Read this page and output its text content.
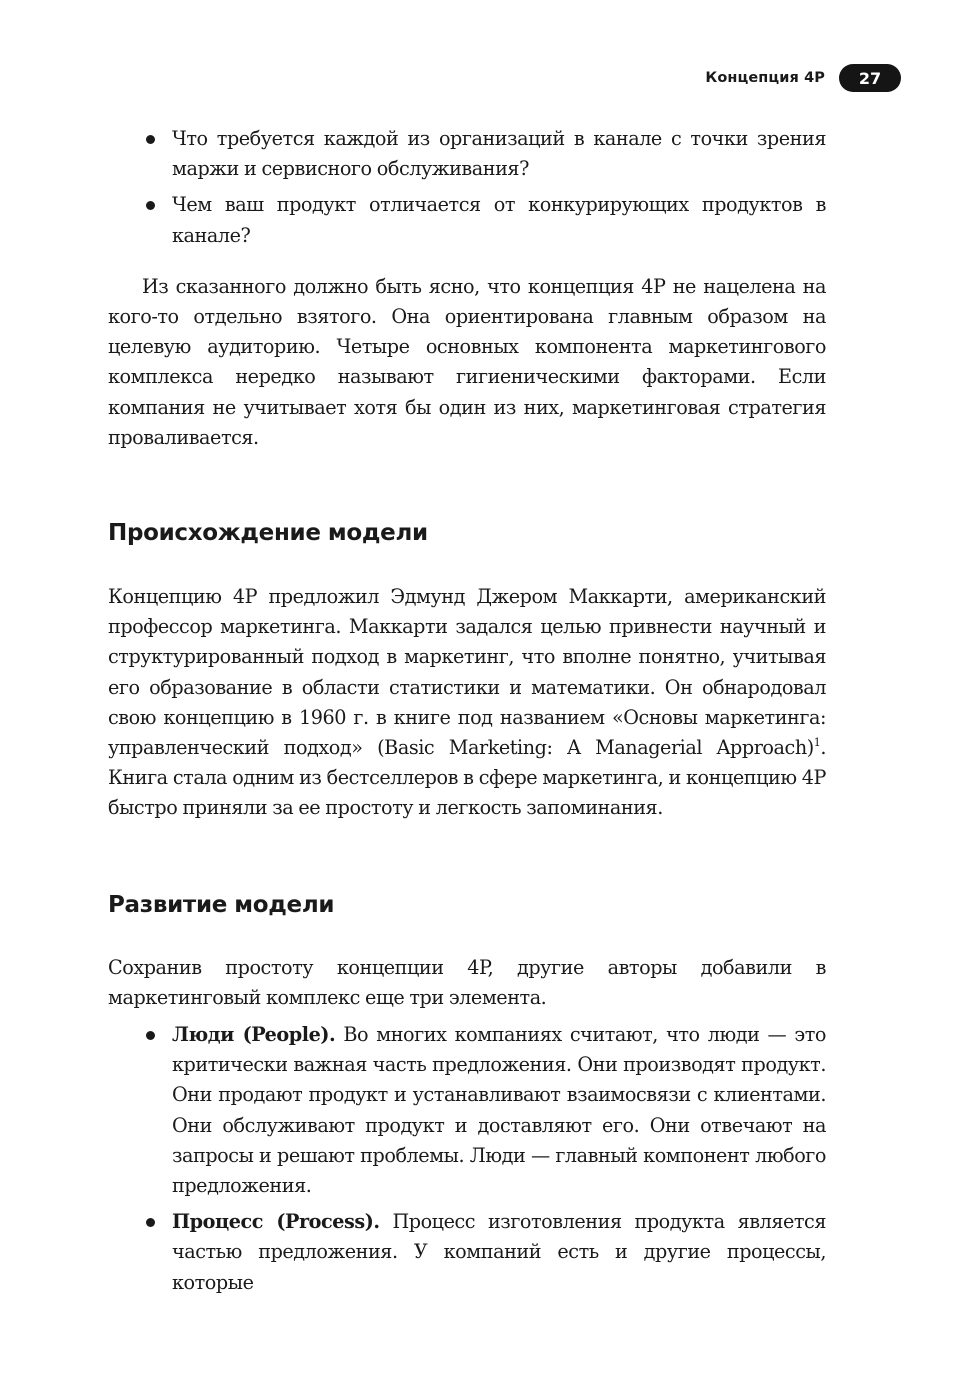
Концепция 4P	27
Что требуется каждой из организаций в канале с точки зрения маржи и сервисного обслуживания?
Чем ваш продукт отличается от конкурирующих продуктов в канале?

Из сказанного должно быть ясно, что концепция 4P не нацелена на кого-то отдельно взятого. Она ориентирована главным образом на целевую аудиторию. Четыре основных компонента маркетингового комплекса нередко называют гигиеническими факторами. Если компания не учитывает хотя бы один из них, маркетинговая стратегия проваливается.

Происхождение модели

Концепцию 4P предложил Эдмунд Джером Маккарти, американский профессор маркетинга. Маккарти задался целью привнести научный и структурированный подход в маркетинг, что вполне понятно, учитывая его образование в области статистики и математики. Он обнародовал свою концепцию в 1960 г. в книге под названием «Основы маркетинга: управленческий подход» (Basic Marketing: A Managerial Approach)$^1$. Книга стала одним из бестселлеров в сфере маркетинга, и концепцию 4P быстро приняли за ее простоту и легкость запоминания.

Развитие модели

Сохранив простоту концепции 4P, другие авторы добавили в маркетинговый комплекс еще три элемента.

Люди (People). Во многих компаниях считают, что люди — это критически важная часть предложения. Они производят продукт. Они продают продукт и устанавливают взаимосвязи с клиентами. Они обслуживают продукт и доставляют его. Они отвечают на запросы и решают проблемы. Люди — главный компонент любого предложения.
Процесс (Process). Процесс изготовления продукта является частью предложения. У компаний есть и другие процессы, которые
